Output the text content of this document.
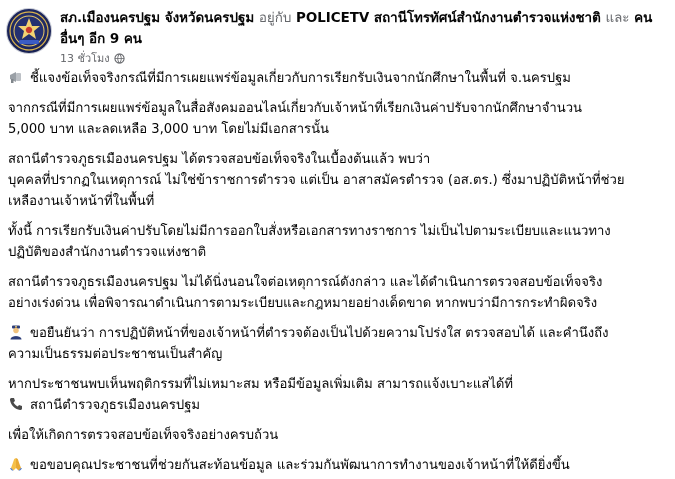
สภ.เมืองนครปฐม จังหวัดนครปฐม อยู่กับ POLICETV สถานีโทรทัศน์สำนักงานตำรวจแห่งชาติ และ คนอื่นๆ อีก 9 คน
13 ชั่วโมง
ชี้แจงข้อเท็จจริงกรณีที่มีการเผยแพร่ข้อมูลเกี่ยวกับการเรียกรับเงินจากนักศึกษาในพื้นที่ จ.นครปฐม
จากกรณีที่มีการเผยแพร่ข้อมูลในสื่อสังคมออนไลน์เกี่ยวกับเจ้าหน้าที่เรียกเงินค่าปรับจากนักศึกษาจำนวน
5,000 บาท และลดเหลือ 3,000 บาท โดยไม่มีเอกสารนั้น
สถานีตำรวจภูธรเมืองนครปฐม ได้ตรวจสอบข้อเท็จจริงในเบื้องต้นแล้ว พบว่า
บุคคลที่ปรากฏในเหตุการณ์ ไม่ใช่ข้าราชการตำรวจ แต่เป็น อาสาสมัครตำรวจ (อส.ตร.) ซึ่งมาปฏิบัติหน้าที่ช่วย
เหลืองานเจ้าหน้าที่ในพื้นที่
ทั้งนี้ การเรียกรับเงินค่าปรับโดยไม่มีการออกใบสั่งหรือเอกสารทางราชการ ไม่เป็นไปตามระเบียบและแนวทาง
ปฏิบัติของสำนักงานตำรวจแห่งชาติ
สถานีตำรวจภูธรเมืองนครปฐม ไม่ได้นิ่งนอนใจต่อเหตุการณ์ดังกล่าว และได้ดำเนินการตรวจสอบข้อเท็จจริง
อย่างเร่งด่วน เพื่อพิจารณาดำเนินการตามระเบียบและกฎหมายอย่างเด็ดขาด หากพบว่ามีการกระทำผิดจริง
ขอยืนยันว่า การปฏิบัติหน้าที่ของเจ้าหน้าที่ตำรวจต้องเป็นไปด้วยความโปร่งใส ตรวจสอบได้ และคำนึงถึง
ความเป็นธรรมต่อประชาชนเป็นสำคัญ
หากประชาชนพบเห็นพฤติกรรมที่ไม่เหมาะสม หรือมีข้อมูลเพิ่มเติม สามารถแจ้งเบาะแสได้ที่
สถานีตำรวจภูธรเมืองนครปฐม
เพื่อให้เกิดการตรวจสอบข้อเท็จจริงอย่างครบถ้วน
ขอขอบคุณประชาชนที่ช่วยกันสะท้อนข้อมูล และร่วมกันพัฒนาการทำงานของเจ้าหน้าที่ให้ดียิ่งขึ้น
